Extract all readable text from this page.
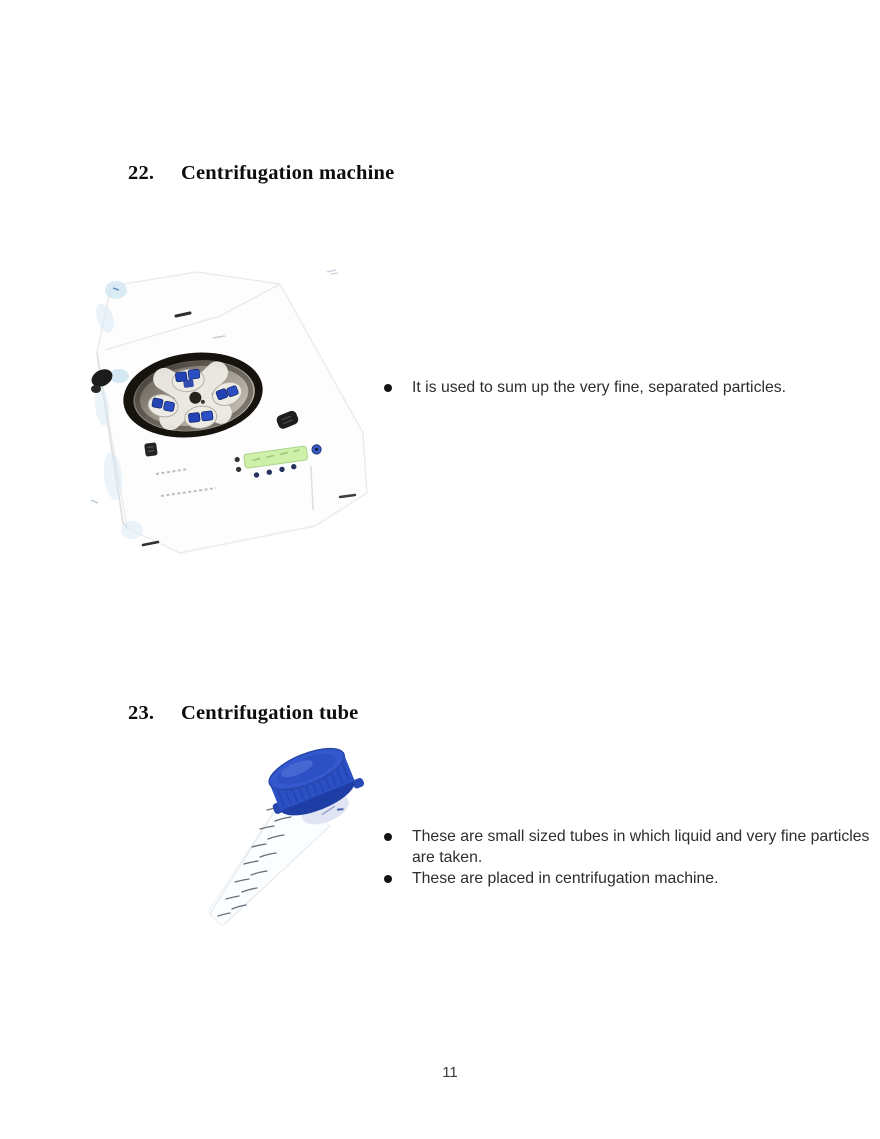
22.	Centrifugation machine
It is used to sum up the very fine, separated particles.
23.	Centrifugation tube
These are small sized tubes in which liquid and very fine particles are taken.
These are placed in centrifugation machine.
11
